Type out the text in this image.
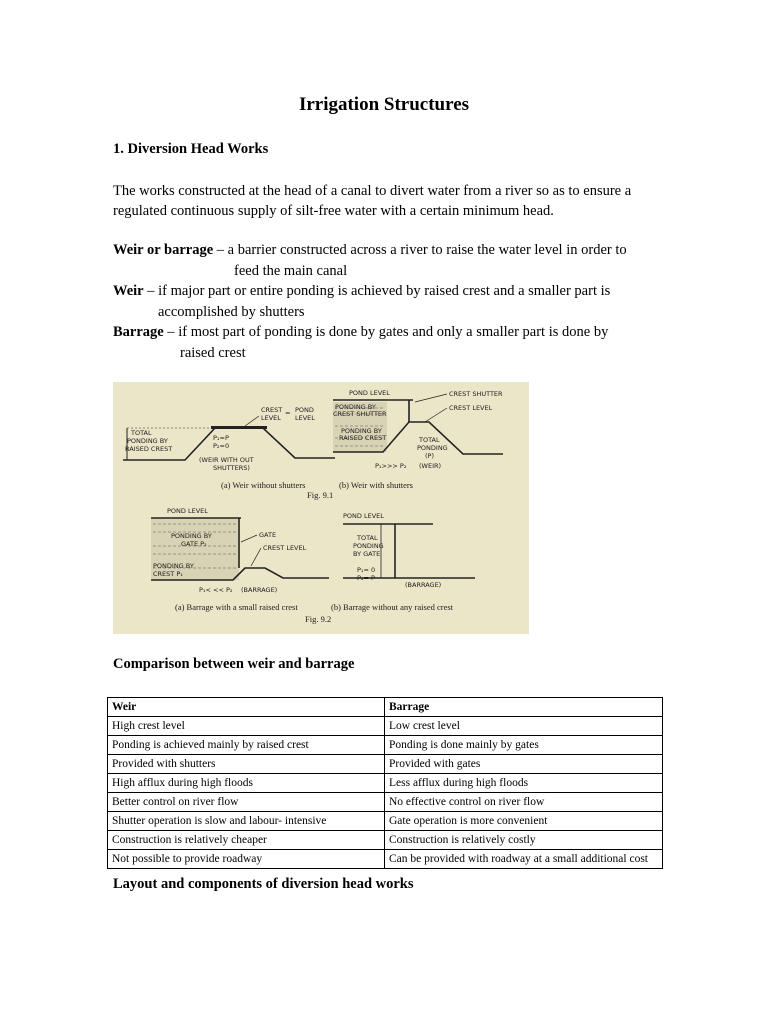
Irrigation Structures
1. Diversion Head Works
The works constructed at the head of a canal to divert water from a river so as to ensure a regulated continuous supply of silt-free water with a certain minimum head.
Weir or barrage – a barrier constructed across a river to raise the water level in order to
feed the main canal
Weir – if major part or entire ponding is achieved by raised crest and a smaller part is
accomplished by shutters
Barrage – if most part of ponding is done by gates and only a smaller part is done by
raised crest
TOTAL
PONDING BY
RAISED CREST
CREST = POND
LEVEL LEVEL
P₁=P
P₂=0
(WEIR WITH OUT
SHUTTERS)
POND LEVEL	CREST SHUTTER
CREST LEVEL
PONDING BY
CREST SHUTTER
PONDING BY
RAISED CREST	TOTAL
PONDING
(P)
(WEIR)
P₁>>> P₂
(a) Weir without shutters	(b) Weir with shutters
Fig. 9.1
POND LEVEL
PONDING BY
GATE P₂
GATE
CREST LEVEL
PONDING BY
CREST P₁
P₁< << P₂ (BARRAGE)
POND LEVEL
TOTAL
PONDING
BY GATE
P₁= 0
P₂= P
(BARRAGE)
(a) Barrage with a small raised crest	(b) Barrage without any raised crest
Fig. 9.2
Comparison between weir and barrage
Weir	Barrage
High crest level	Low crest level
Ponding is achieved mainly by raised crest	Ponding is done mainly by gates
Provided with shutters	Provided with gates
High afflux during high floods	Less afflux during high floods
Better control on river flow	No effective control on river flow
Shutter operation is slow and labour- intensive	Gate operation is more convenient
Construction is relatively cheaper	Construction is relatively costly
Not possible to provide roadway	Can be provided with roadway at a small additional cost
Layout and components of diversion head works
